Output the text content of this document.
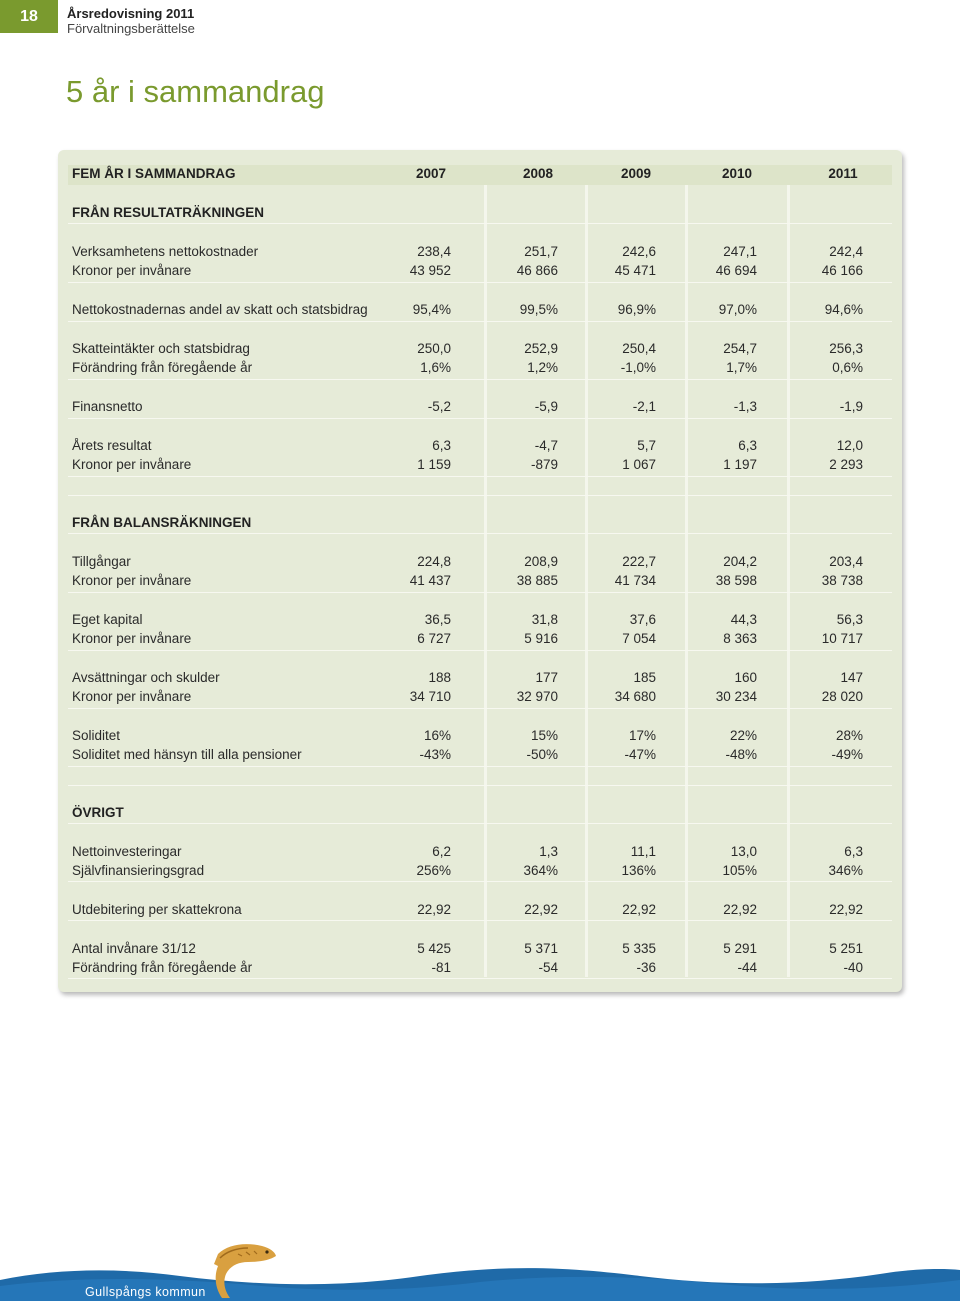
18	Årsredovisning 2011
Förvaltningsberättelse
5 år i sammandrag
FEM ÅR I SAMMANDRAG	2007	2008	2009	2010	2011
FRÅN RESULTATRÄKNINGEN
Verksamhetens nettokostnader	238,4	251,7	242,6	247,1	242,4
Kronor per invånare	43 952	46 866	45 471	46 694	46 166
Nettokostnadernas andel av skatt och statsbidrag	95,4%	99,5%	96,9%	97,0%	94,6%
Skatteintäkter och statsbidrag	250,0	252,9	250,4	254,7	256,3
Förändring från föregående år	1,6%	1,2%	-1,0%	1,7%	0,6%
Finansnetto	-5,2	-5,9	-2,1	-1,3	-1,9
Årets resultat	6,3	-4,7	5,7	6,3	12,0
Kronor per invånare	1 159	-879	1 067	1 197	2 293
FRÅN BALANSRÄKNINGEN
Tillgångar	224,8	208,9	222,7	204,2	203,4
Kronor per invånare	41 437	38 885	41 734	38 598	38 738
Eget kapital	36,5	31,8	37,6	44,3	56,3
Kronor per invånare	6 727	5 916	7 054	8 363	10 717
Avsättningar och skulder	188	177	185	160	147
Kronor per invånare	34 710	32 970	34 680	30 234	28 020
Soliditet	16%	15%	17%	22%	28%
Soliditet med hänsyn till alla pensioner	-43%	-50%	-47%	-48%	-49%
ÖVRIGT
Nettoinvesteringar	6,2	1,3	11,1	13,0	6,3
Självfinansieringsgrad	256%	364%	136%	105%	346%
Utdebitering per skattekrona	22,92	22,92	22,92	22,92	22,92
Antal invånare 31/12	5 425	5 371	5 335	5 291	5 251
Förändring från föregående år	-81	-54	-36	-44	-40
Gullspångs kommun
